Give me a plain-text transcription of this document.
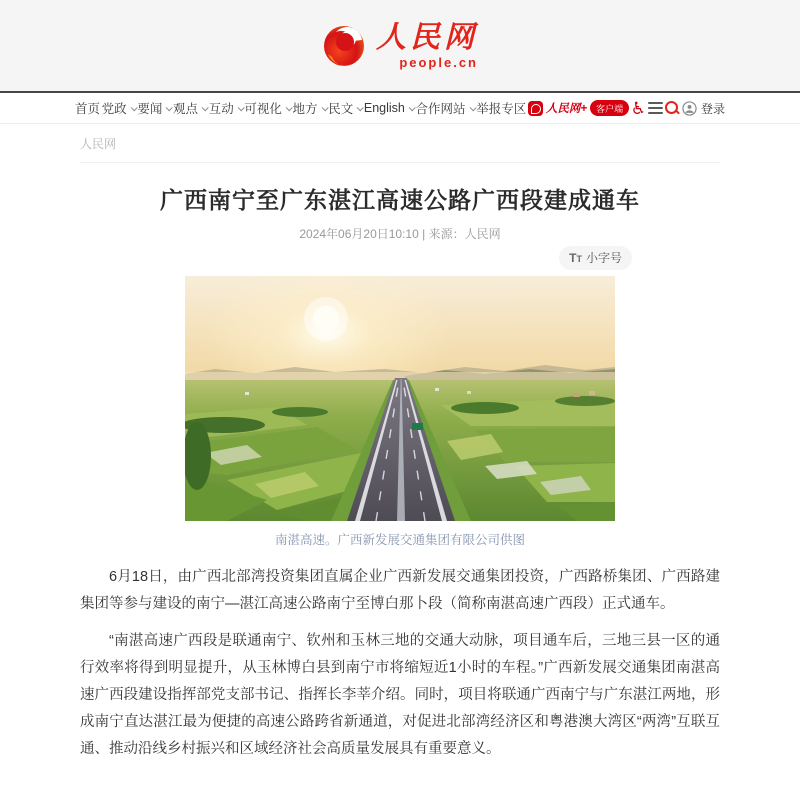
人民网
people.cn
首页 党政 要闻 观点 互动 可视化 地方 民文 English 合作网站 举报专区 人民网+	客户端 ♿	登录
人民网
广西南宁至广东湛江高速公路广西段建成通车
2024年06月20日10:10 | 来源：人民网
TT 小字号
南湛高速。广西新发展交通集团有限公司供图

6月18日，由广西北部湾投资集团直属企业广西新发展交通集团投资，广西路桥集团、广西路建集团等参与建设的南宁—湛江高速公路南宁至博白那卜段（简称南湛高速广西段）正式通车。

“南湛高速广西段是联通南宁、钦州和玉林三地的交通大动脉，项目通车后，三地三县一区的通行效率将得到明显提升，从玉林博白县到南宁市将缩短近1小时的车程。”广西新发展交通集团南湛高速广西段建设指挥部党支部书记、指挥长李莘介绍。同时，项目将联通广西南宁与广东湛江两地，形成南宁直达湛江最为便捷的高速公路跨省新通道，对促进北部湾经济区和粤港澳大湾区“两湾”互联互通、推动沿线乡村振兴和区域经济社会高质量发展具有重要意义。
